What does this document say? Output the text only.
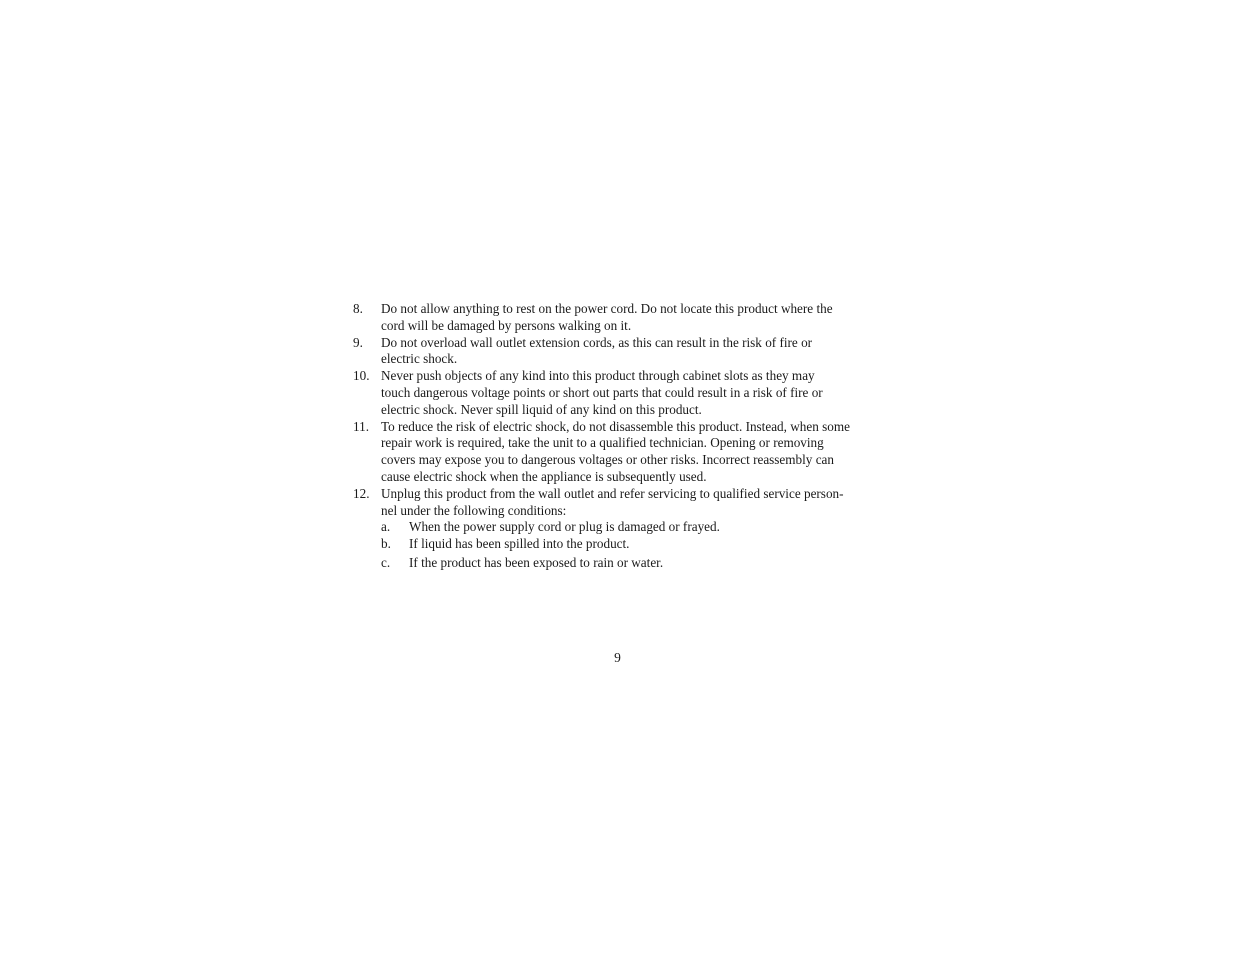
8.	Do not allow anything to rest on the power cord. Do not locate this product where the
cord will be damaged by persons walking on it.
9.	Do not overload wall outlet extension cords, as this can result in the risk of fire or
electric shock.
10. Never push objects of any kind into this product through cabinet slots as they may
touch dangerous voltage points or short out parts that could result in a risk of fire or
electric shock. Never spill liquid of any kind on this product.
11. To reduce the risk of electric shock, do not disassemble this product. Instead, when some
repair work is required, take the unit to a qualified technician. Opening or removing
covers may expose you to dangerous voltages or other risks. Incorrect reassembly can
cause electric shock when the appliance is subsequently used.
12. Unplug this product from the wall outlet and refer servicing to qualified service person-
nel under the following conditions:
a.	When the power supply cord or plug is damaged or frayed.
b.	If liquid has been spilled into the product.
c.	If the product has been exposed to rain or water.
9
